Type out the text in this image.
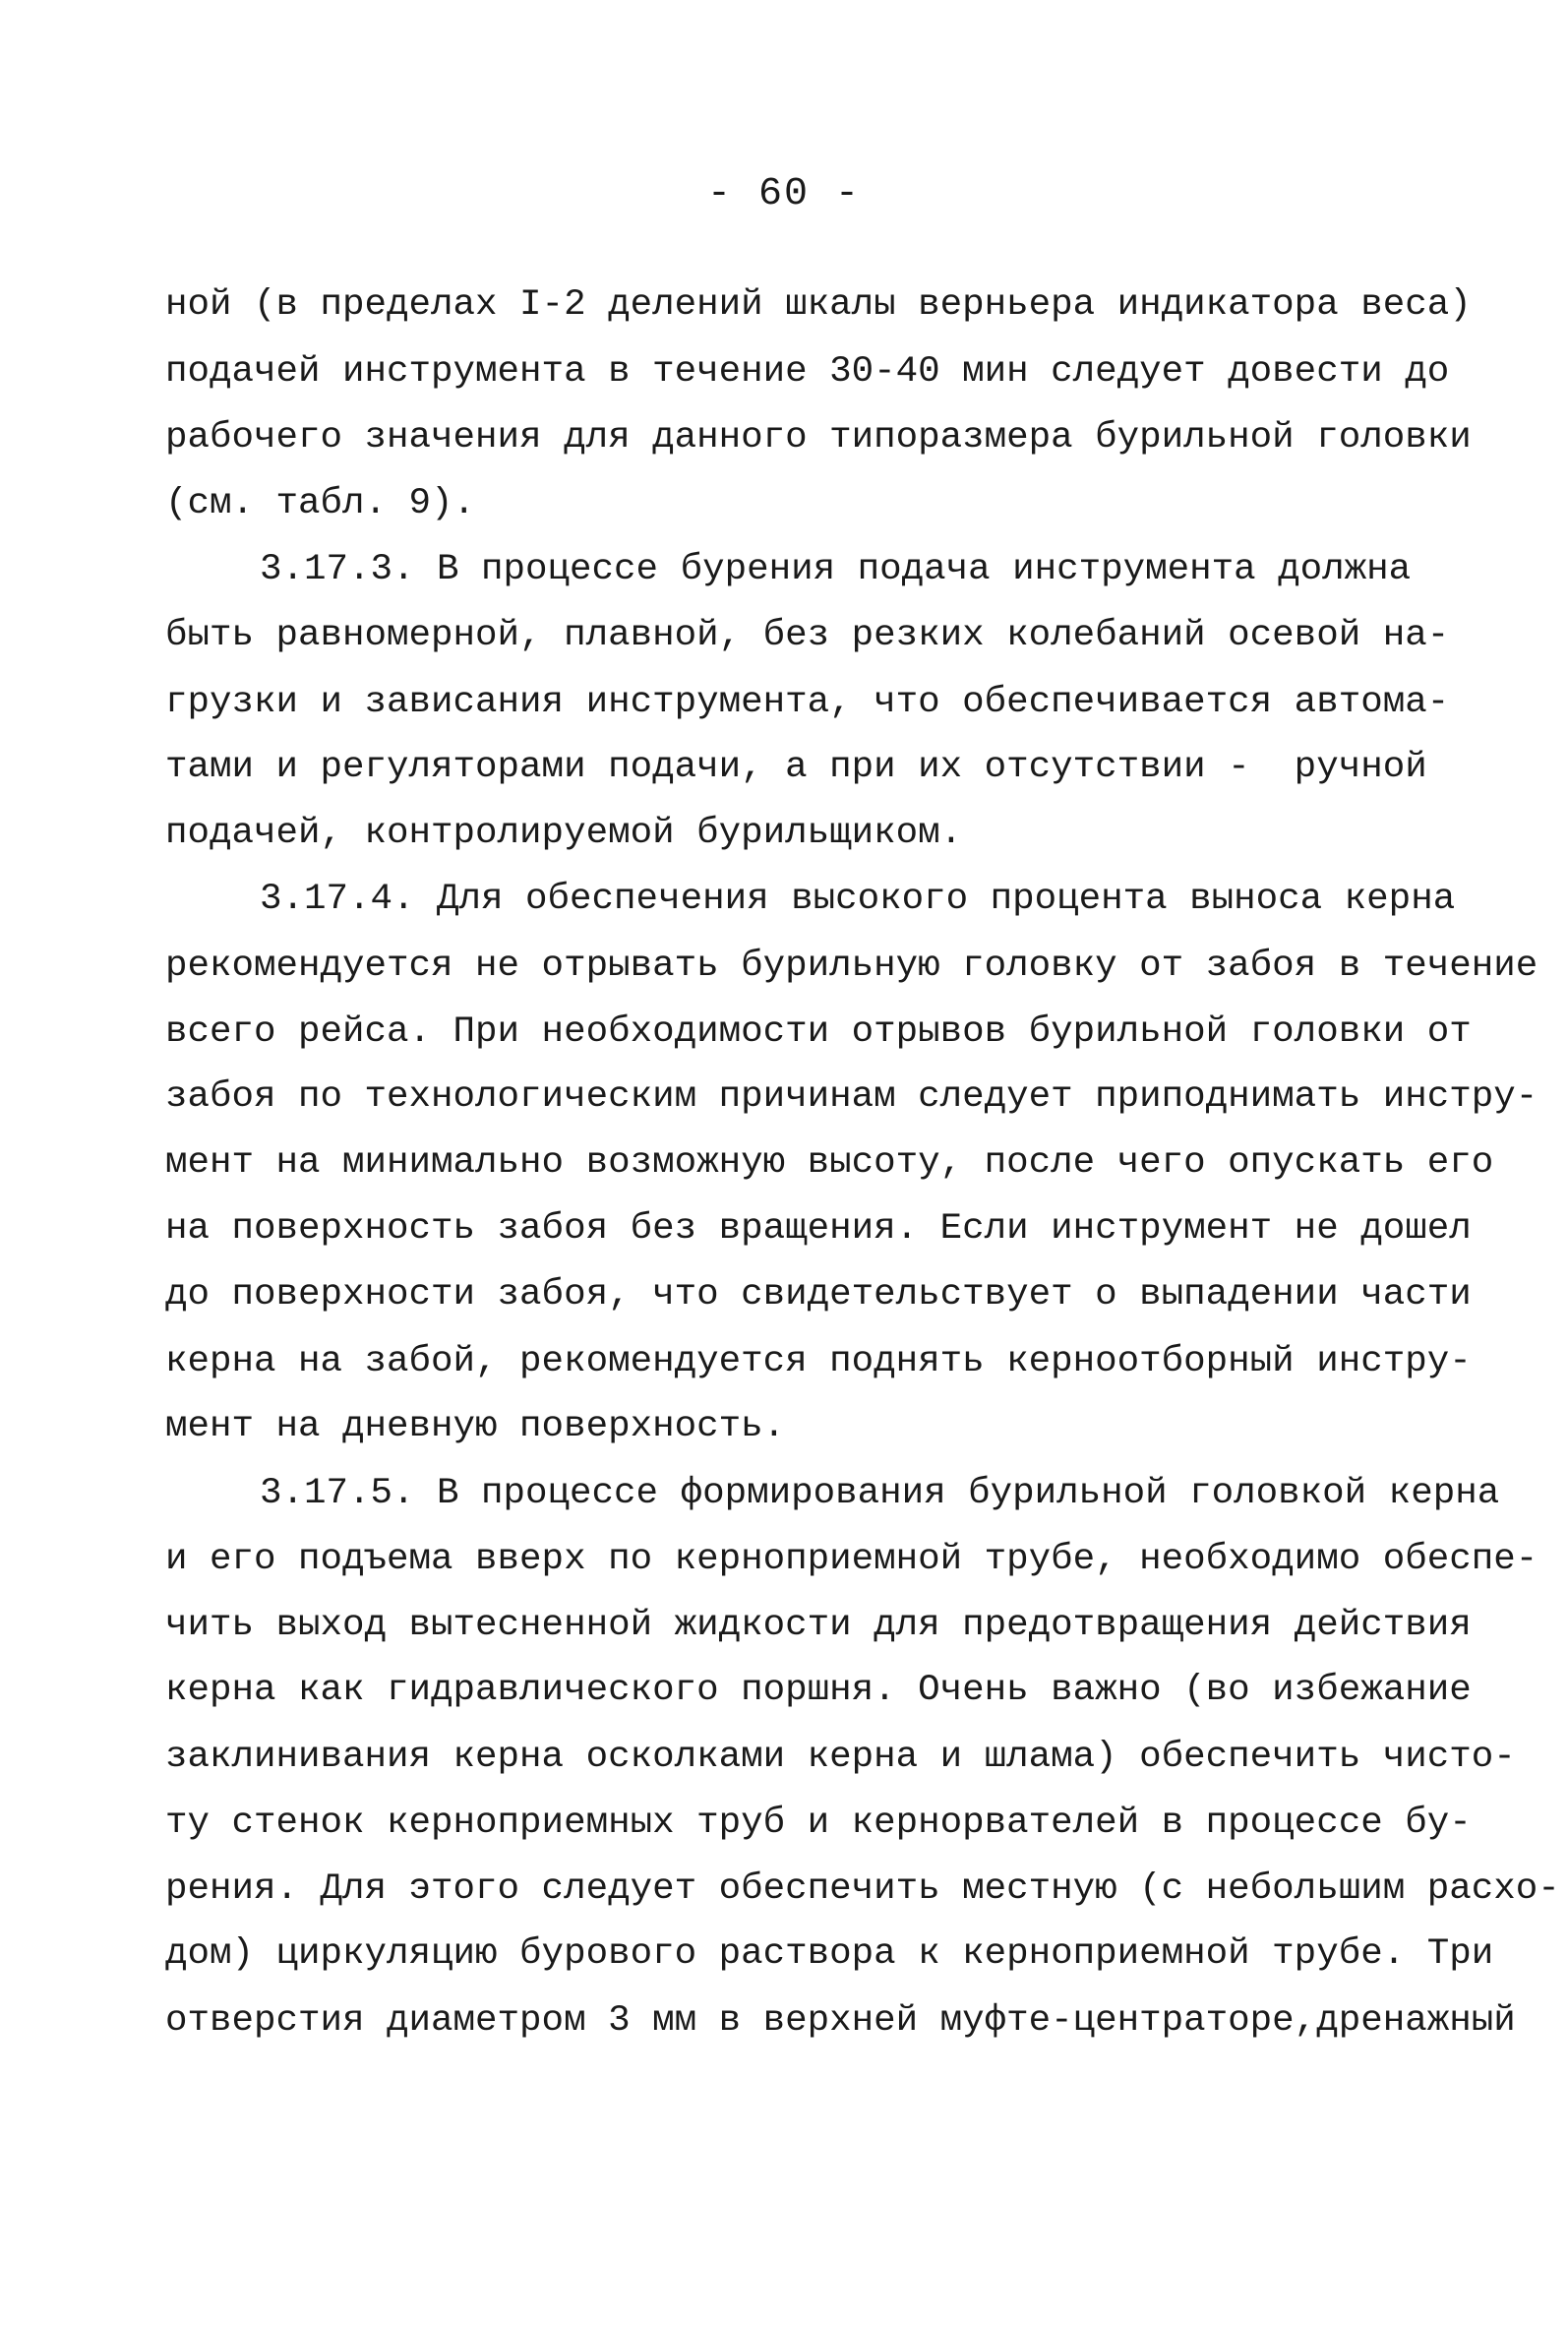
- 60 -
ной (в пределах I-2 делений шкалы верньера индикатора веса)
подачей инструмента в течение 30-40 мин следует довести до
рабочего значения для данного типоразмера бурильной головки
(см. табл. 9).
3.17.3. В процессе бурения подача инструмента должна
быть равномерной, плавной, без резких колебаний осевой на-
грузки и зависания инструмента, что обеспечивается автома-
тами и регуляторами подачи, а при их отсутствии -  ручной
подачей, контролируемой бурильщиком.
3.17.4. Для обеспечения высокого процента выноса керна
рекомендуется не отрывать бурильную головку от забоя в течение
всего рейса. При необходимости отрывов бурильной головки от
забоя по технологическим причинам следует приподнимать инстру-
мент на минимально возможную высоту, после чего опускать его
на поверхность забоя без вращения. Если инструмент не дошел
до поверхности забоя, что свидетельствует о выпадении части
керна на забой, рекомендуется поднять керноотборный инстру-
мент на дневную поверхность.
3.17.5. В процессе формирования бурильной головкой керна
и его подъема вверх по керноприемной трубе, необходимо обеспе-
чить выход вытесненной жидкости для предотвращения действия
керна как гидравлического поршня. Очень важно (во избежание
заклинивания керна осколками керна и шлама) обеспечить чисто-
ту стенок керноприемных труб и кернорвателей в процессе бу-
рения. Для этого следует обеспечить местную (с небольшим расхо-
дом) циркуляцию бурового раствора к керноприемной трубе. Три
отверстия диаметром 3 мм в верхней муфте-центраторе,дренажный
